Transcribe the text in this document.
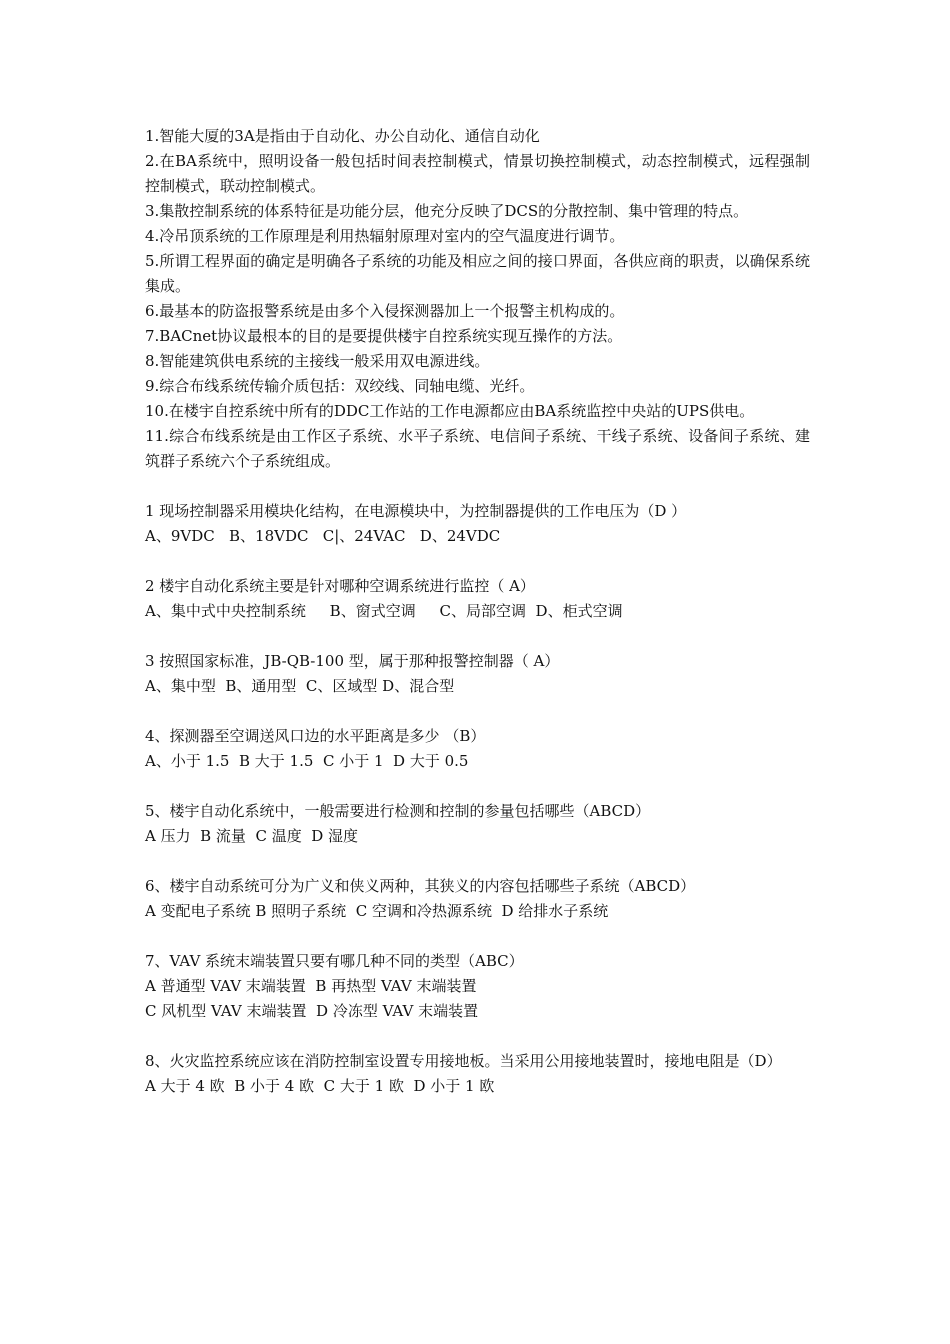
1.智能大厦的3A是指由于自动化、办公自动化、通信自动化

2.在BA系统中，照明设备一般包括时间表控制模式，情景切换控制模式，动态控制模式，远程强制控制模式，联动控制模式。

3.集散控制系统的体系特征是功能分层，他充分反映了DCS的分散控制、集中管理的特点。

4.冷吊顶系统的工作原理是利用热辐射原理对室内的空气温度进行调节。

5.所谓工程界面的确定是明确各子系统的功能及相应之间的接口界面，各供应商的职责，以确保系统集成。

6.最基本的防盗报警系统是由多个入侵探测器加上一个报警主机构成的。

7.BACnet协议最根本的目的是要提供楼宇自控系统实现互操作的方法。

8.智能建筑供电系统的主接线一般采用双电源进线。

9.综合布线系统传输介质包括：双绞线、同轴电缆、光纤。

10.在楼宇自控系统中所有的DDC工作站的工作电源都应由BA系统监控中央站的UPS供电。

11.综合布线系统是由工作区子系统、水平子系统、电信间子系统、干线子系统、设备间子系统、建筑群子系统六个子系统组成。

1 现场控制器采用模块化结构，在电源模块中，为控制器提供的工作电压为（D ）

A、9VDC   B、18VDC   C|、24VAC   D、24VDC

2 楼宇自动化系统主要是针对哪种空调系统进行监控（ A）

A、集中式中央控制系统     B、窗式空调     C、局部空调  D、柜式空调

3 按照国家标准，JB-QB-100 型，属于那种报警控制器（ A）

A、集中型  B、通用型  C、区域型 D、混合型

4、探测器至空调送风口边的水平距离是多少 （B）

A、小于 1.5  B 大于 1.5  C 小于 1  D 大于 0.5

5、楼宇自动化系统中，一般需要进行检测和控制的参量包括哪些（ABCD）

A 压力  B 流量  C 温度  D 湿度

6、楼宇自动系统可分为广义和侠义两种，其狭义的内容包括哪些子系统（ABCD）

A 变配电子系统 B 照明子系统  C 空调和冷热源系统  D 给排水子系统

7、VAV 系统末端装置只要有哪几种不同的类型（ABC）

A 普通型 VAV 末端装置  B 再热型 VAV 末端装置

C 风机型 VAV 末端装置  D 冷冻型 VAV 末端装置

8、火灾监控系统应该在消防控制室设置专用接地板。当采用公用接地装置时，接地电阻是（D）

A 大于 4 欧  B 小于 4 欧  C 大于 1 欧  D 小于 1 欧
